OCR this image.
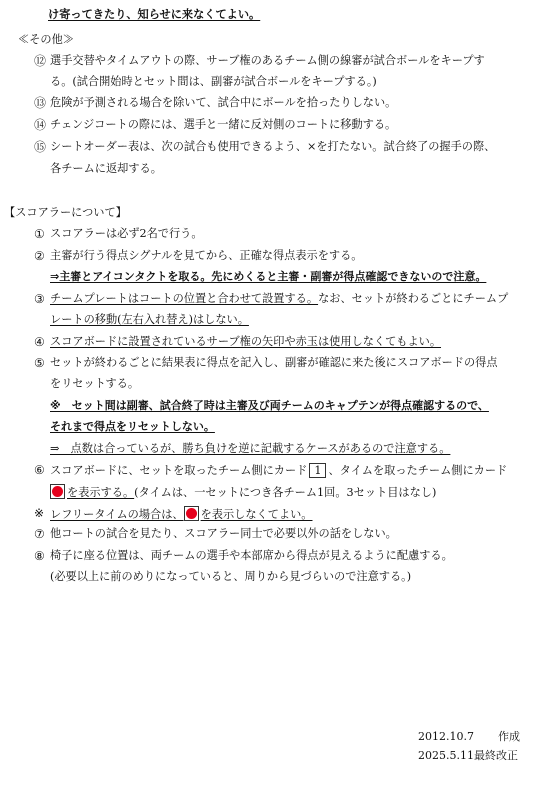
け寄ってきたり、知らせに来なくてよい。
≪その他≫
⑫ 選手交替やタイムアウトの際、サーブ権のあるチーム側の線審が試合ボールをキープす
る。(試合開始時とセット間は、副審が試合ボールをキープする。)
⑬ 危険が予測される場合を除いて、試合中にボールを拾ったりしない。
⑭ チェンジコートの際には、選手と一緒に反対側のコートに移動する。
⑮ シートオーダー表は、次の試合も使用できるよう、×を打たない。試合終了の握手の際、
各チームに返却する。
【スコアラーについて】
① スコアラーは必ず2名で行う。
② 主審が行う得点シグナルを見てから、正確な得点表示をする。
⇒主審とアイコンタクトを取る。先にめくると主審・副審が得点確認できないので注意。
③ チームプレートはコートの位置と合わせて設置する。なお、セットが終わるごとにチームプ
レートの移動(左右入れ替え)はしない。
④ スコアボードに設置されているサーブ権の矢印や赤玉は使用しなくてもよい。
⑤ セットが終わるごとに結果表に得点を記入し、副審が確認に来た後にスコアボードの得点
をリセットする。
※　セット間は副審、試合終了時は主審及び両チームのキャプテンが得点確認するので、
それまで得点をリセットしない。
⇒　点数は合っているが、勝ち負けを逆に記載するケースがあるので注意する。
⑥ スコアボードに、セットを取ったチーム側にカード 1 、タイムを取ったチーム側にカード
を表示する。(タイムは、一セットにつき各チーム1回。3セット目はなし)
※ レフリータイムの場合は、 を表示しなくてよい。
⑦ 他コートの試合を見たり、スコアラー同士で必要以外の話をしない。
⑧ 椅子に座る位置は、両チームの選手や本部席から得点が見えるように配慮する。
(必要以上に前のめりになっていると、周りから見づらいので注意する。)
2012.10.7 作成
2025.5.11 最終改正
